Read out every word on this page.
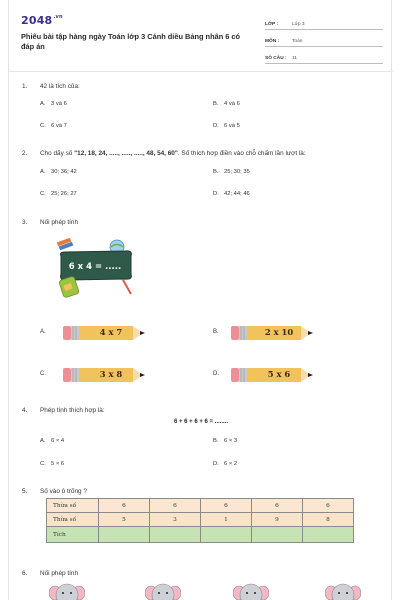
$2048^{.vn}$
Phiếu bài tập hàng ngày Toán lớp 3 Cánh diều Bảng nhân 6 có đáp án
LỚP :	Lớp 3
MÔN :	Toán
SỐ CÂU :	11
1.	42 là tích của:
A. 3 và 6	B. 4 và 6
C. 6 và 7	D. 6 và 5
2.	Cho dãy số "12, 18, 24, ....., ....., ....., 48, 54, 60". Số thích hợp điền vào chỗ chấm lần lượt là:
A. 30; 36; 42	B. 25; 30; 35
C. 25; 26; 27	D. 42; 44; 46
3.	Nối phép tính
6 x 4 = .....
A.	4 x 7	B.	2 x 10
C.	3 x 8	D.	5 x 6
4.	Phép tính thích hợp là:
6 + 6 + 6 + 6 = ........
A. 6 × 4	B. 6 × 3
C. 5 × 6	D. 6 × 2
5.	Số vào ô trống ?
Thừa số	6	6	6	6	6
Thừa số	5	3	1	9	8
Tích					
6.	Nối phép tính
